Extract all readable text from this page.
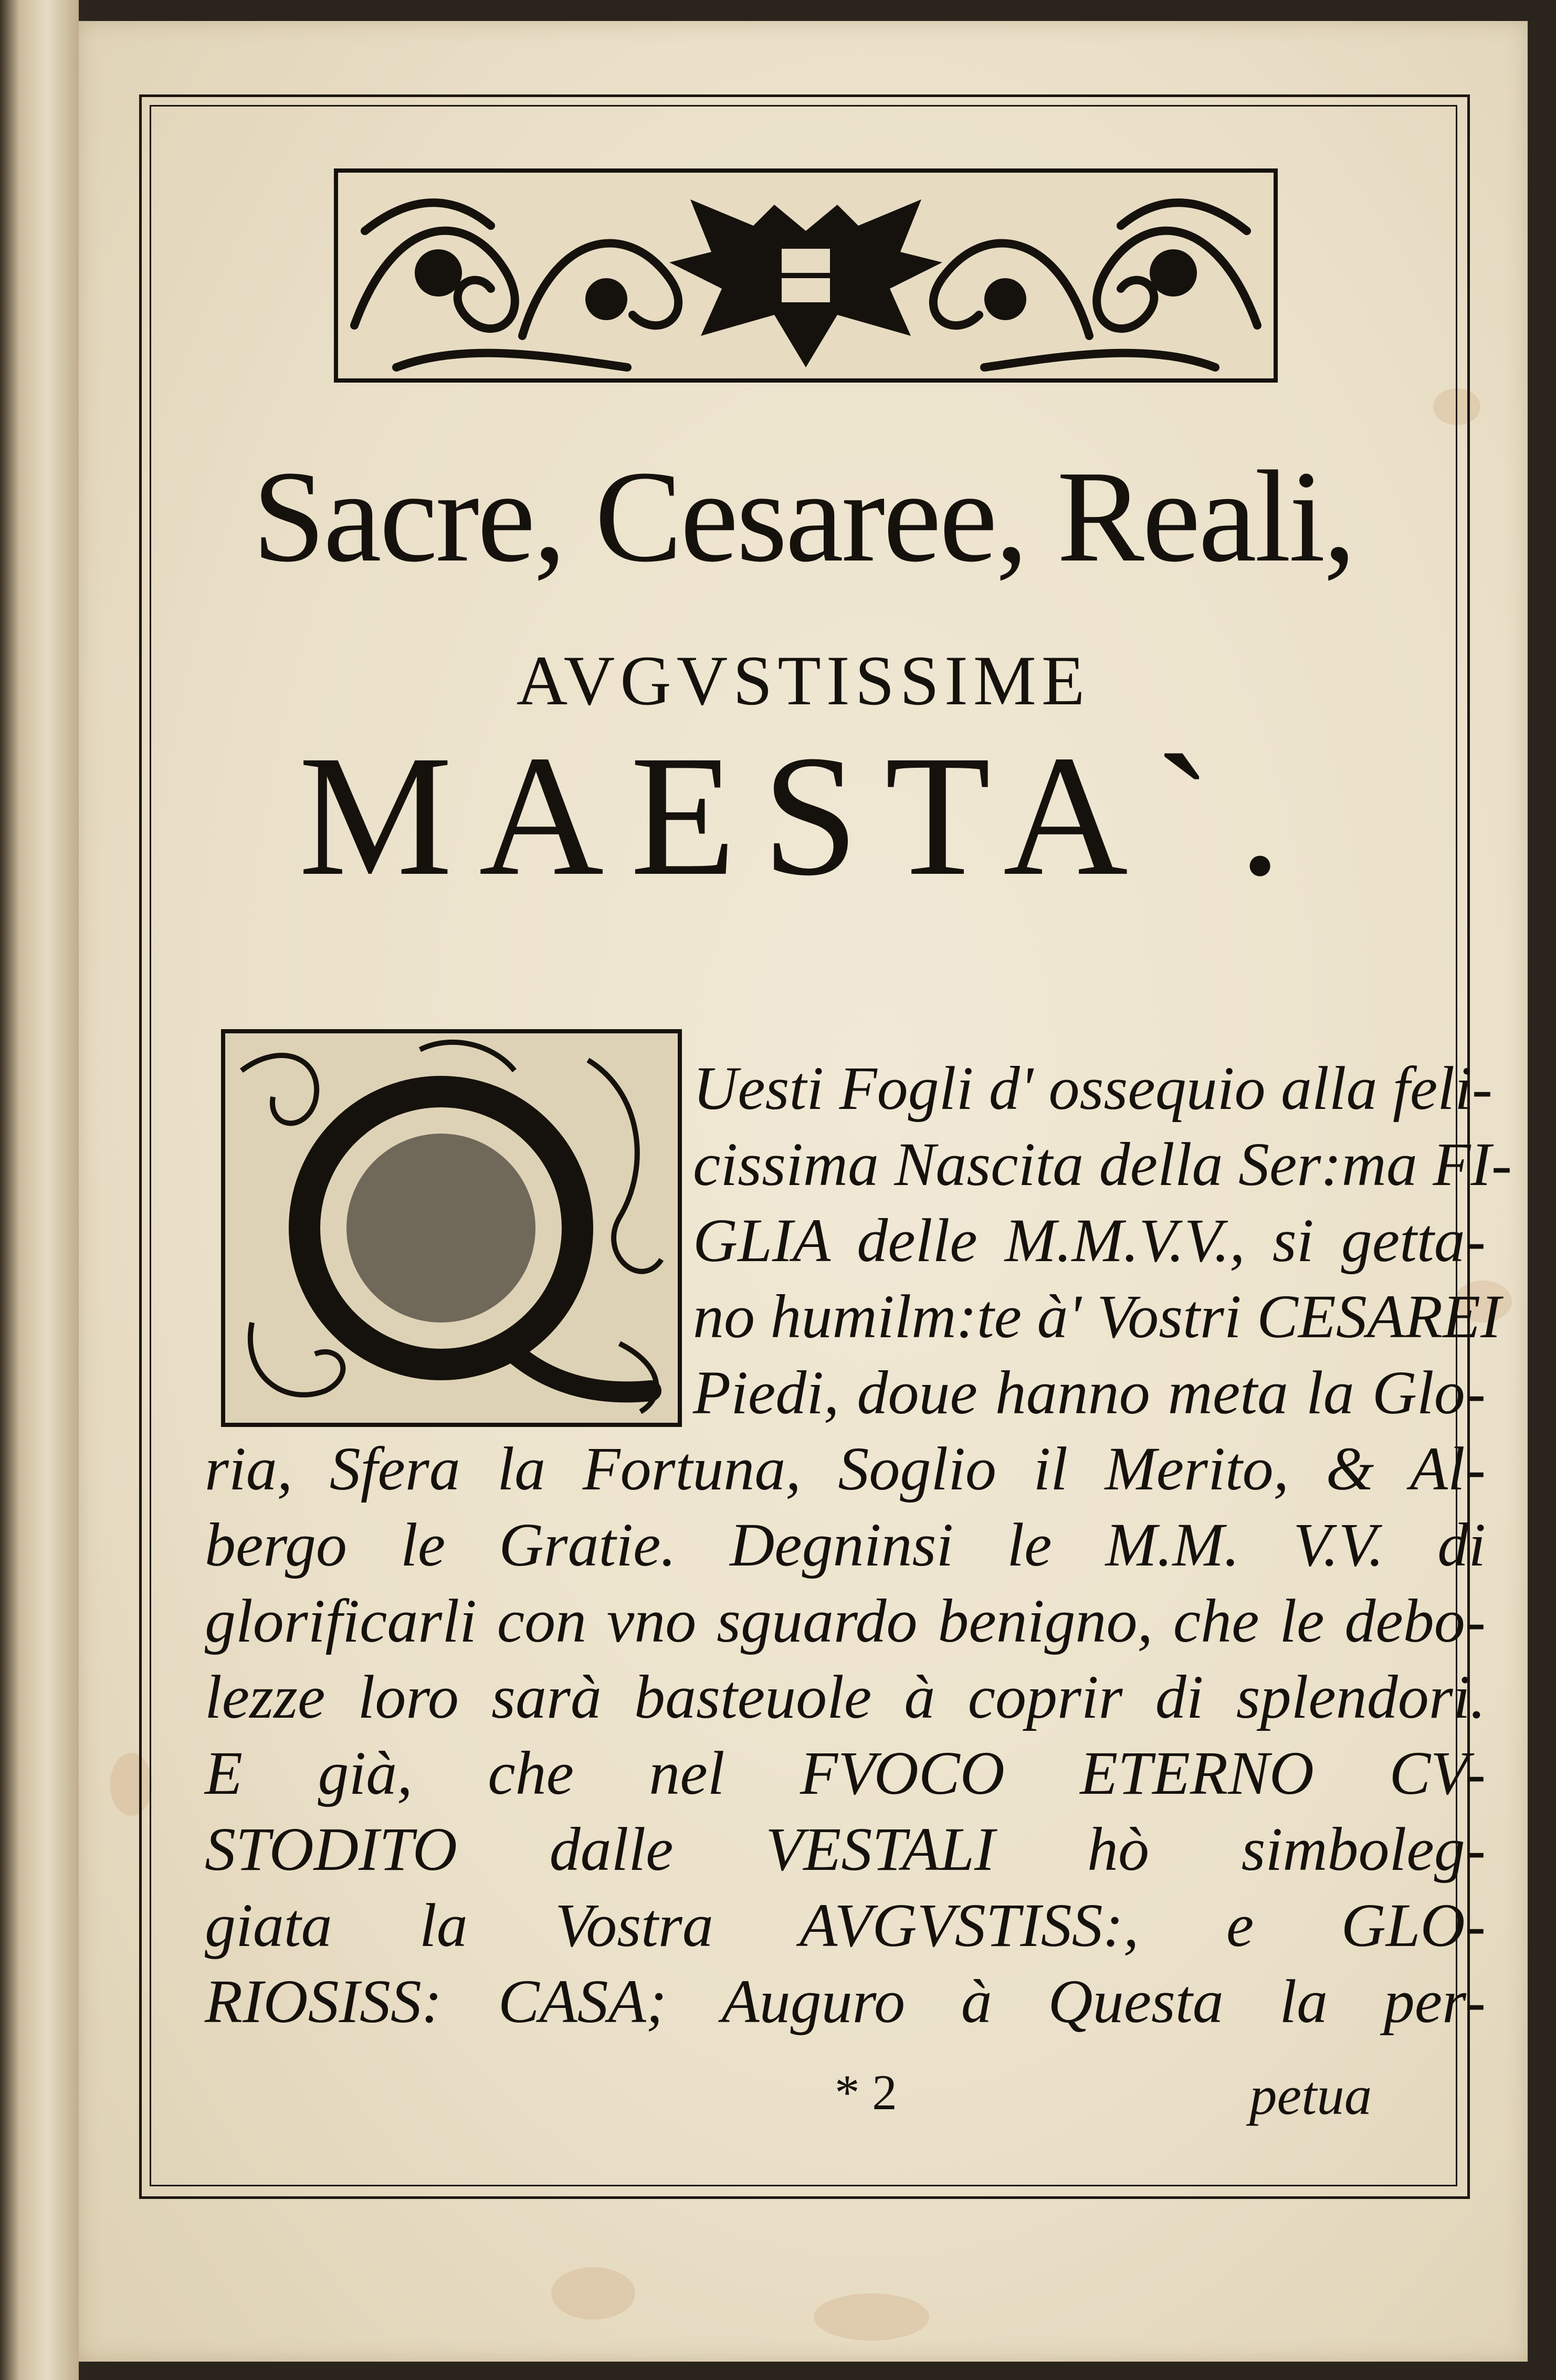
Sacre, Cesaree, Reali,
AVGVSTISSIME
MAESTA`.
Uesti Fogli d' ossequio alla feli-
cissima Nascita della Ser:ma FI-
GLIA delle M.M.V.V., si getta-
no humilm:te à' Vostri CESAREI
Piedi, doue hanno meta la Glo-
ria, Sfera la Fortuna, Soglio il Merito, & Al-
bergo le Gratie. Degninsi le M.M. V.V. di
glorificarli con vno sguardo benigno, che le debo-
lezze loro sarà basteuole à coprir di splendori.
E già, che nel FVOCO ETERNO CV-
STODITO dalle VESTALI hò simboleg-
giata la Vostra AVGVSTISS:, e GLO-
RIOSISS: CASA; Auguro à Questa la per-
* 2	petua
